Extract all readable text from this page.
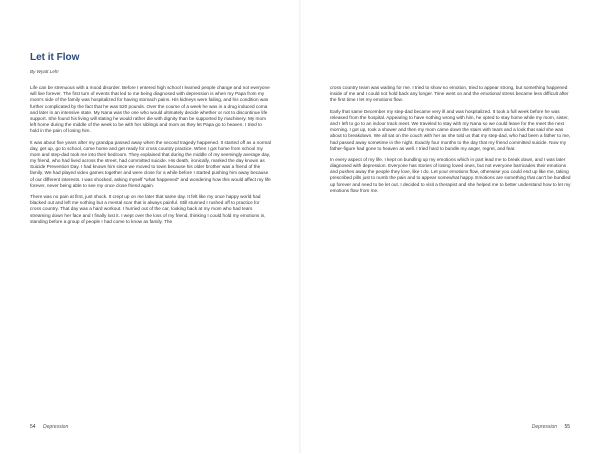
Let it Flow
By Wyatt Lehr

Life can be strenuous with a mood disorder. Before I entered high school I learned people change and not everyone will live forever. The first turn of events that led to me being diagnosed with depression is when my Papa from my mom's side of the family was hospitalized for having stomach pains. His kidneys were failing, and his condition was further complicated by the fact that he was 520 pounds. Over the course of a week he was in a drug induced coma and later in an intensive state. My Nana was the one who would ultimately decide whether or not to discontinue life support. She found his living will stating he would rather die with dignity than be supported by machinery. My mom left home during the middle of the week to be with her siblings and mom as they let Papa go to heaven. I tried to hold in the pain of losing him.

It was about five years after my grandpa passed away when the second tragedy happened. It started off as a normal day, get up, go to school, come home and get ready for cross country practice. When I got home from school my mom and step-dad took me into their bedroom. They explained that during the middle of my seemingly average day, my friend, who had lived across the street, had committed suicide. His death, ironically, marked the day known as Suicide Prevention Day. I had known him since we moved to town because his older brother was a friend of the family. We had played video games together and were close for a while before I started pushing him away because of our different interests. I was shocked, asking myself "what happened" and wondering how this would affect my life forever, never being able to see my once close friend again.

There was no pain at first, just shock. It crept up on me later that same day. It felt like my once happy world had blacked out and left me nothing but a mental scar that is always painful. Still stunned I rushed off to practice for cross country. That day was a hard workout. I hurried out of the car, looking back at my mom who had tears streaming down her face and I finally lost it. I wept over the loss of my friend, thinking I could hold my emotions in, standing before a group of people I had come to know as family. The

cross country team was waiting for me. I tried to show no emotion, tried to appear strong, but something happened inside of me and I could not hold back any longer. Time went on and the emotional stress became less difficult after the first time I let my emotions flow.

Early that same December my step-dad became very ill and was hospitalized. It took a full week before he was released from the hospital. Appearing to have nothing wrong with him, he opted to stay home while my mom, sister, and I left to go to an indoor track meet. We traveled to stay with my Nana so we could leave for the meet the next morning. I got up, took a shower and then my mom came down the stairs with tears and a look that said she was about to breakdown. We all sat on the couch with her as she told us that my step-dad, who had been a father to me, had passed away sometime in the night. Exactly four months to the day that my friend committed suicide. Now my father-figure had gone to heaven as well. I tried hard to bundle my anger, regret, and fear.

In every aspect of my life, I kept on bundling up my emotions which in part lead me to break down, and I was later diagnosed with depression. Everyone has stories of losing loved ones, but not everyone barricades their emotions and pushes away the people they love, like I do. Let your emotions flow, otherwise you could end up like me, taking prescribed pills just to numb the pain and to appear somewhat happy. Emotions are something that can't be bundled up forever and need to be let out. I decided to visit a therapist and she helped me to better understand how to let my emotions flow from me.

54 Depression	Depression 55
